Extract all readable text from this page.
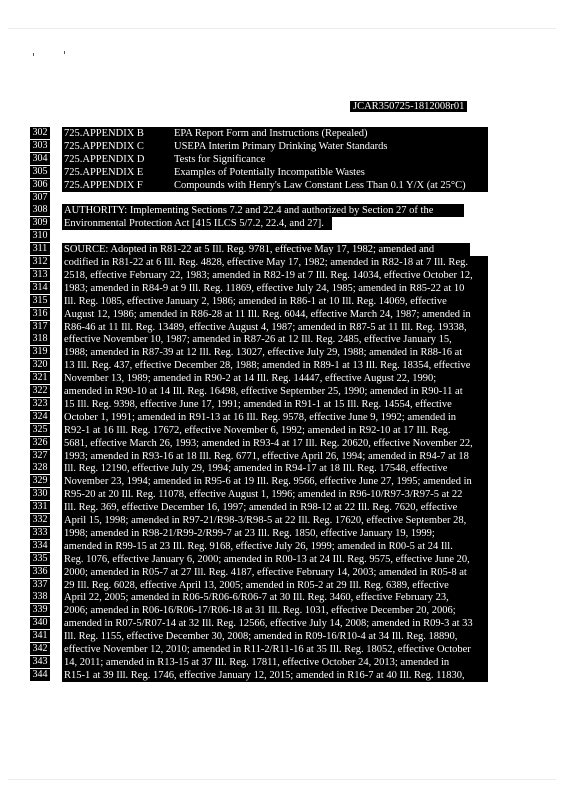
JCAR350725-1812008r01
302 725.APPENDIX B	EPA Report Form and Instructions (Repealed)
303 725.APPENDIX C	USEPA Interim Primary Drinking Water Standards
304 725.APPENDIX D	Tests for Significance
305 725.APPENDIX E	Examples of Potentially Incompatible Wastes
306 725.APPENDIX F	Compounds with Henry's Law Constant Less Than 0.1 Y/X (at 25°C)
307
308 AUTHORITY: Implementing Sections 7.2 and 22.4 and authorized by Section 27 of the
309 Environmental Protection Act [415 ILCS 5/7.2, 22.4, and 27].
310
311 SOURCE: Adopted in R81-22 at 5 Ill. Reg. 9781, effective May 17, 1982; amended and
312 codified in R81-22 at 6 Ill. Reg. 4828, effective May 17, 1982; amended in R82-18 at 7 Ill. Reg.
313 2518, effective February 22, 1983; amended in R82-19 at 7 Ill. Reg. 14034, effective October 12,
314 1983; amended in R84-9 at 9 Ill. Reg. 11869, effective July 24, 1985; amended in R85-22 at 10
315 Ill. Reg. 1085, effective January 2, 1986; amended in R86-1 at 10 Ill. Reg. 14069, effective
316 August 12, 1986; amended in R86-28 at 11 Ill. Reg. 6044, effective March 24, 1987; amended in
317 R86-46 at 11 Ill. Reg. 13489, effective August 4, 1987; amended in R87-5 at 11 Ill. Reg. 19338,
318 effective November 10, 1987; amended in R87-26 at 12 Ill. Reg. 2485, effective January 15,
319 1988; amended in R87-39 at 12 Ill. Reg. 13027, effective July 29, 1988; amended in R88-16 at
320 13 Ill. Reg. 437, effective December 28, 1988; amended in R89-1 at 13 Ill. Reg. 18354, effective
321 November 13, 1989; amended in R90-2 at 14 Ill. Reg. 14447, effective August 22, 1990;
322 amended in R90-10 at 14 Ill. Reg. 16498, effective September 25, 1990; amended in R90-11 at
323 15 Ill. Reg. 9398, effective June 17, 1991; amended in R91-1 at 15 Ill. Reg. 14554, effective
324 October 1, 1991; amended in R91-13 at 16 Ill. Reg. 9578, effective June 9, 1992; amended in
325 R92-1 at 16 Ill. Reg. 17672, effective November 6, 1992; amended in R92-10 at 17 Ill. Reg.
326 5681, effective March 26, 1993; amended in R93-4 at 17 Ill. Reg. 20620, effective November 22,
327 1993; amended in R93-16 at 18 Ill. Reg. 6771, effective April 26, 1994; amended in R94-7 at 18
328 Ill. Reg. 12190, effective July 29, 1994; amended in R94-17 at 18 Ill. Reg. 17548, effective
329 November 23, 1994; amended in R95-6 at 19 Ill. Reg. 9566, effective June 27, 1995; amended in
330 R95-20 at 20 Ill. Reg. 11078, effective August 1, 1996; amended in R96-10/R97-3/R97-5 at 22
331 Ill. Reg. 369, effective December 16, 1997; amended in R98-12 at 22 Ill. Reg. 7620, effective
332 April 15, 1998; amended in R97-21/R98-3/R98-5 at 22 Ill. Reg. 17620, effective September 28,
333 1998; amended in R98-21/R99-2/R99-7 at 23 Ill. Reg. 1850, effective January 19, 1999;
334 amended in R99-15 at 23 Ill. Reg. 9168, effective July 26, 1999; amended in R00-5 at 24 Ill.
335 Reg. 1076, effective January 6, 2000; amended in R00-13 at 24 Ill. Reg. 9575, effective June 20,
336 2000; amended in R05-7 at 27 Ill. Reg. 4187, effective February 14, 2003; amended in R05-8 at
337 29 Ill. Reg. 6028, effective April 13, 2005; amended in R05-2 at 29 Ill. Reg. 6389, effective
338 April 22, 2005; amended in R06-5/R06-6/R06-7 at 30 Ill. Reg. 3460, effective February 23,
339 2006; amended in R06-16/R06-17/R06-18 at 31 Ill. Reg. 1031, effective December 20, 2006;
340 amended in R07-5/R07-14 at 32 Ill. Reg. 12566, effective July 14, 2008; amended in R09-3 at 33
341 Ill. Reg. 1155, effective December 30, 2008; amended in R09-16/R10-4 at 34 Ill. Reg. 18890,
342 effective November 12, 2010; amended in R11-2/R11-16 at 35 Ill. Reg. 18052, effective October
343 14, 2011; amended in R13-15 at 37 Ill. Reg. 17811, effective October 24, 2013; amended in
344 R15-1 at 39 Ill. Reg. 1746, effective January 12, 2015; amended in R16-7 at 40 Ill. Reg. 11830,
